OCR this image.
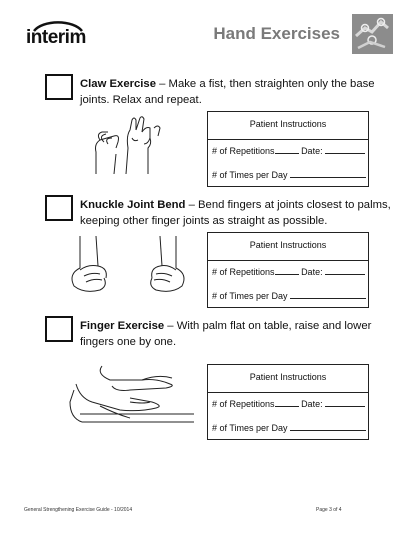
interim	Hand Exercises
Claw Exercise – Make a fist, then straighten only the base joints. Relax and repeat.
Patient Instructions
# of Repetitions	Date:
# of Times per Day
Knuckle Joint Bend – Bend fingers at joints closest to palms, keeping other finger joints as straight as possible.
Patient Instructions
# of Repetitions	Date:
# of Times per Day
Finger Exercise – With palm flat on table, raise and lower fingers one by one.
Patient Instructions
# of Repetitions	Date:
# of Times per Day
General Strengthening Exercise Guide - 10/2014	Page 3 of 4
